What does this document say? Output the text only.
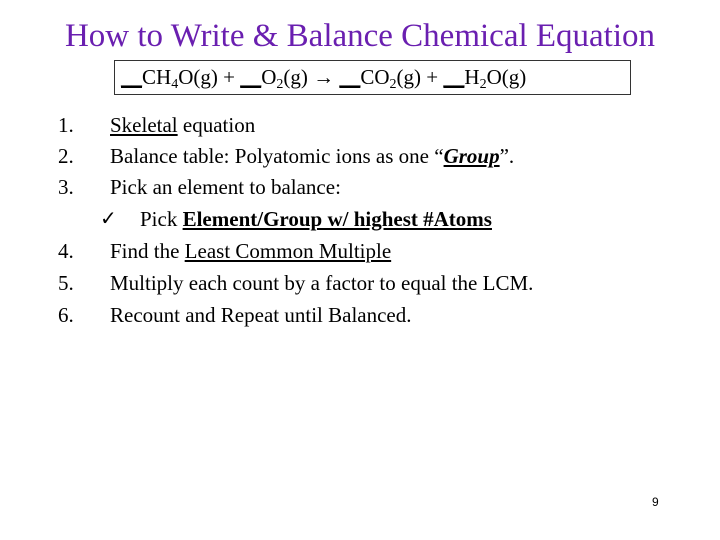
How to Write & Balance Chemical Equation
$\_\_CH_4O(g)$ + $\_\_O_2(g)$ → $\_\_CO_2(g)$ + $\_\_H_2O(g)$
1.	Skeletal equation
2.	Balance table: Polyatomic ions as one “Group”.
3.	Pick an element to balance:
✓ Pick Element/Group w/ highest #Atoms
4.	Find the Least Common Multiple
5.	Multiply each count by a factor to equal the LCM.
6.	Recount and Repeat until Balanced.
9
